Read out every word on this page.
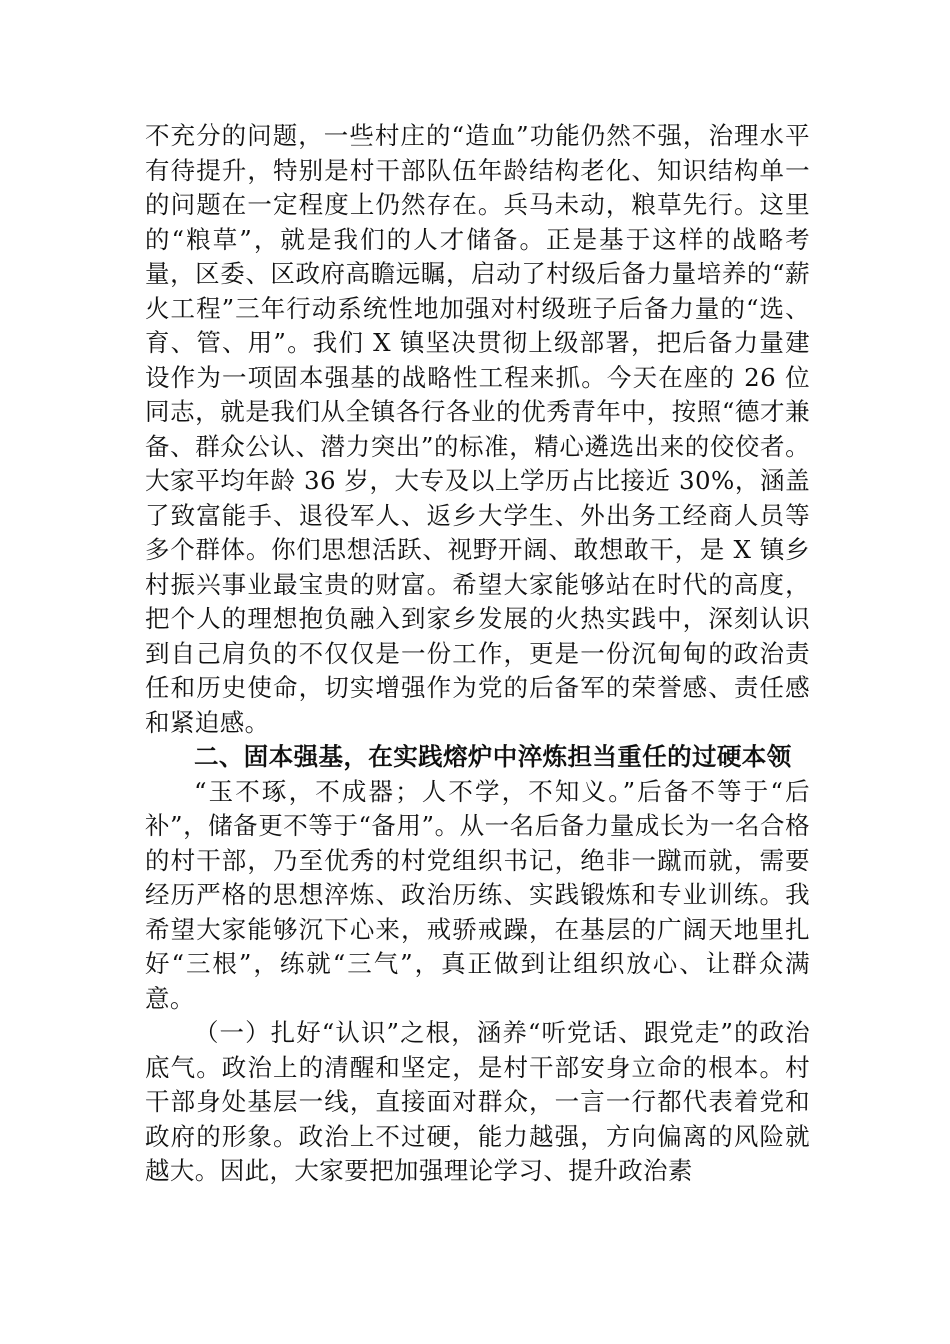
不充分的问题，一些村庄的“造血”功能仍然不强，治理水平有待提升，特别是村干部队伍年龄结构老化、知识结构单一的问题在一定程度上仍然存在。兵马未动，粮草先行。这里的“粮草”，就是我们的人才储备。正是基于这样的战略考量，区委、区政府高瞻远瞩，启动了村级后备力量培养的“薪火工程”三年行动系统性地加强对村级班子后备力量的“选、育、管、用”。我们 X 镇坚决贯彻上级部署，把后备力量建设作为一项固本强基的战略性工程来抓。今天在座的 26 位同志，就是我们从全镇各行各业的优秀青年中，按照“德才兼备、群众公认、潜力突出”的标准，精心遴选出来的佼佼者。大家平均年龄 36 岁，大专及以上学历占比接近 30%，涵盖了致富能手、退役军人、返乡大学生、外出务工经商人员等多个群体。你们思想活跃、视野开阔、敢想敢干，是 X 镇乡村振兴事业最宝贵的财富。希望大家能够站在时代的高度，把个人的理想抱负融入到家乡发展的火热实践中，深刻认识到自己肩负的不仅仅是一份工作，更是一份沉甸甸的政治责任和历史使命，切实增强作为党的后备军的荣誉感、责任感和紧迫感。

二、固本强基，在实践熔炉中淬炼担当重任的过硬本领

“玉不琢，不成器；人不学，不知义。”后备不等于“后补”，储备更不等于“备用”。从一名后备力量成长为一名合格的村干部，乃至优秀的村党组织书记，绝非一蹴而就，需要经历严格的思想淬炼、政治历练、实践锻炼和专业训练。我希望大家能够沉下心来，戒骄戒躁，在基层的广阔天地里扎好“三根”，练就“三气”，真正做到让组织放心、让群众满意。

（一）扎好“认识”之根，涵养“听党话、跟党走”的政治底气。政治上的清醒和坚定，是村干部安身立命的根本。村干部身处基层一线，直接面对群众，一言一行都代表着党和政府的形象。政治上不过硬，能力越强，方向偏离的风险就越大。因此，大家要把加强理论学习、提升政治素
